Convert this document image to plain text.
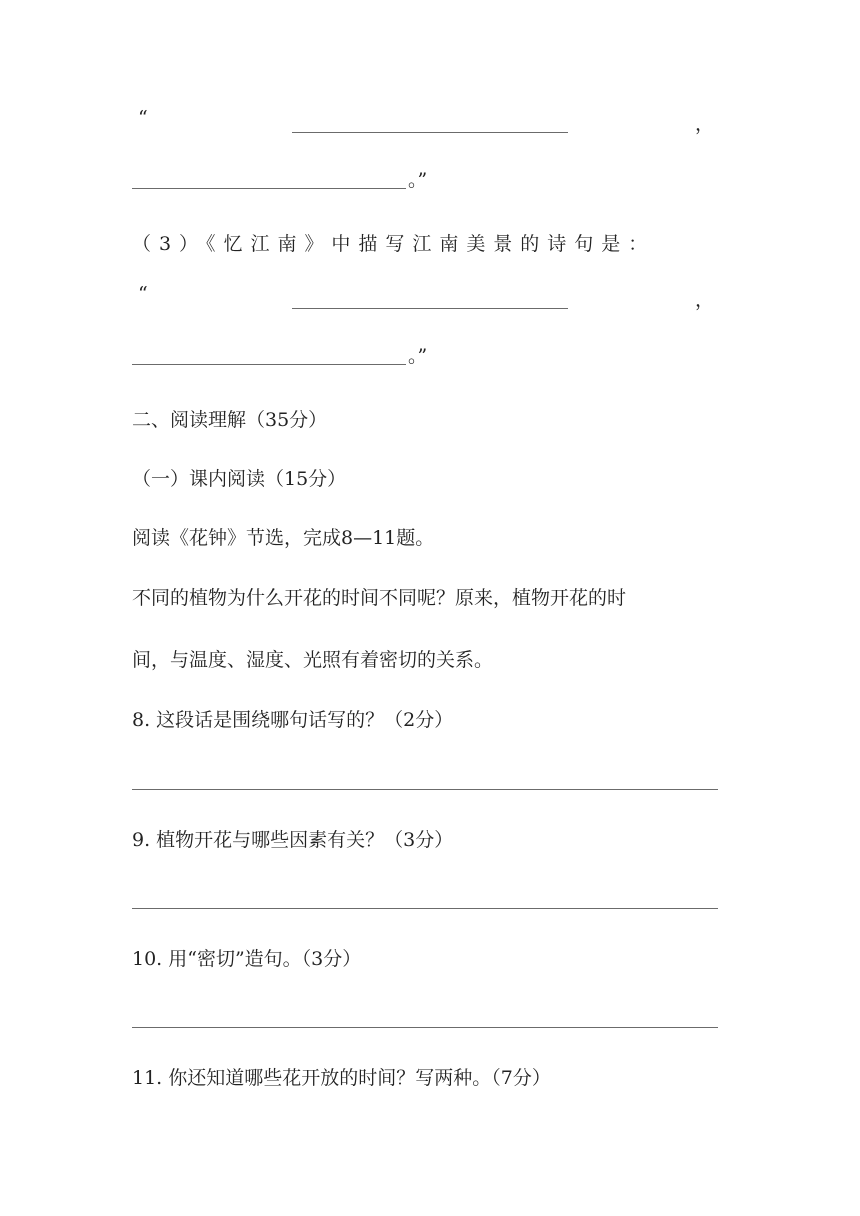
“	，
。”

（3）《忆江南》中描写江南美景的诗句是：

“	，
。”

二、阅读理解（35分）

（一）课内阅读（15分）

阅读《花钟》节选，完成8—11题。

不同的植物为什么开花的时间不同呢？原来，植物开花的时

间，与温度、湿度、光照有着密切的关系。

8. 这段话是围绕哪句话写的？（2分）

9. 植物开花与哪些因素有关？（3分）

10. 用“密切”造句。（3分）

11. 你还知道哪些花开放的时间？写两种。（7分）
